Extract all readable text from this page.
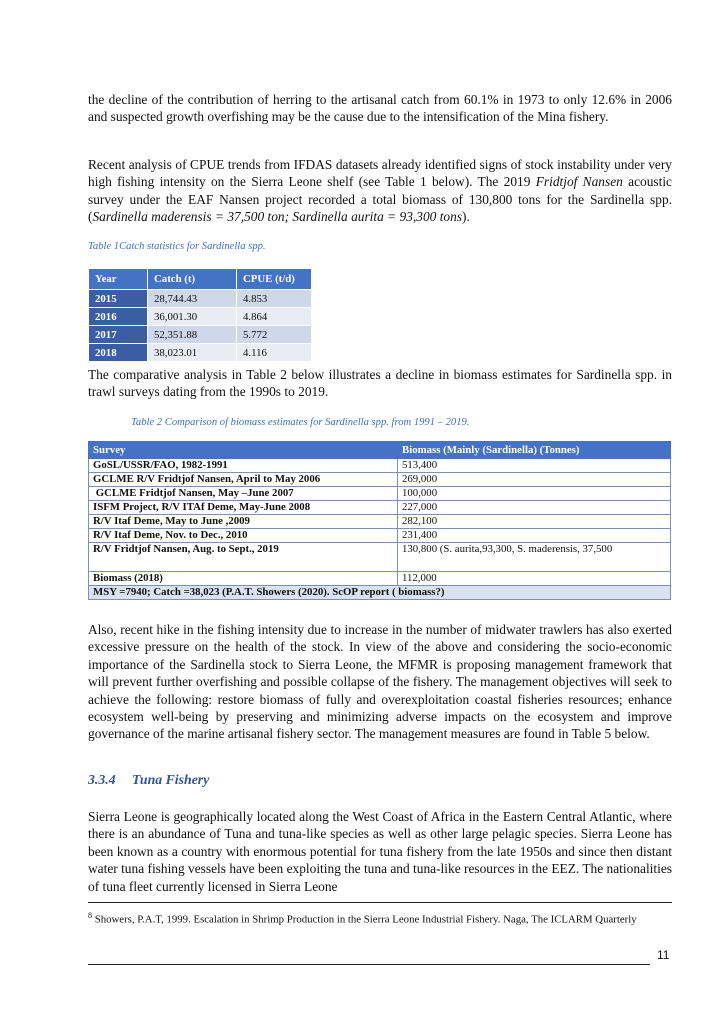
the decline of the contribution of herring to the artisanal catch from 60.1% in 1973 to only 12.6% in 2006 and suspected growth overfishing may be the cause due to the intensification of the Mina fishery.

Recent analysis of CPUE trends from IFDAS datasets already identified signs of stock instability under very high fishing intensity on the Sierra Leone shelf (see Table 1 below). The 2019 Fridtjof Nansen acoustic survey under the EAF Nansen project recorded a total biomass of 130,800 tons for the Sardinella spp. (Sardinella maderensis = 37,500 ton; Sardinella aurita = 93,300 tons).

Table 1Catch statistics for Sardinella spp.

Year	Catch (t)	CPUE (t/d)
2015	28,744.43	4.853
2016	36,001.30	4.864
2017	52,351.88	5.772
2018	38,023.01	4.116

The comparative analysis in Table 2 below illustrates a decline in biomass estimates for Sardinella spp. in trawl surveys dating from the 1990s to 2019.

Table 2 Comparison of biomass estimates for Sardinella spp. from 1991 – 2019.

Survey	Biomass (Mainly (Sardinella) (Tonnes)
GoSL/USSR/FAO, 1982-1991	513,400
GCLME R/V Fridtjof Nansen, April to May 2006	269,000
GCLME Fridtjof Nansen, May –June 2007	100,000
ISFM Project, R/V ITAf Deme, May-June 2008	227,000
R/V Itaf Deme, May to June ,2009	282,100
R/V Itaf Deme, Nov. to Dec., 2010	231,400
R/V Fridtjof Nansen, Aug. to Sept., 2019	130,800 (S. aurita,93,300, S. maderensis, 37,500
Biomass (2018)	112,000
MSY =7940; Catch =38,023 (P.A.T. Showers (2020). ScOP report ( biomass?)	

Also, recent hike in the fishing intensity due to increase in the number of midwater trawlers has also exerted excessive pressure on the health of the stock. In view of the above and considering the socio-economic importance of the Sardinella stock to Sierra Leone, the MFMR is proposing management framework that will prevent further overfishing and possible collapse of the fishery. The management objectives will seek to achieve the following: restore biomass of fully and overexploitation coastal fisheries resources; enhance ecosystem well-being by preserving and minimizing adverse impacts on the ecosystem and improve governance of the marine artisanal fishery sector. The management measures are found in Table 5 below.

3.3.4 Tuna Fishery

Sierra Leone is geographically located along the West Coast of Africa in the Eastern Central Atlantic, where there is an abundance of Tuna and tuna-like species as well as other large pelagic species. Sierra Leone has been known as a country with enormous potential for tuna fishery from the late 1950s and since then distant water tuna fishing vessels have been exploiting the tuna and tuna-like resources in the EEZ. The nationalities of tuna fleet currently licensed in Sierra Leone

$^8$ Showers, P.A.T, 1999. Escalation in Shrimp Production in the Sierra Leone Industrial Fishery. Naga, The ICLARM Quarterly

11
